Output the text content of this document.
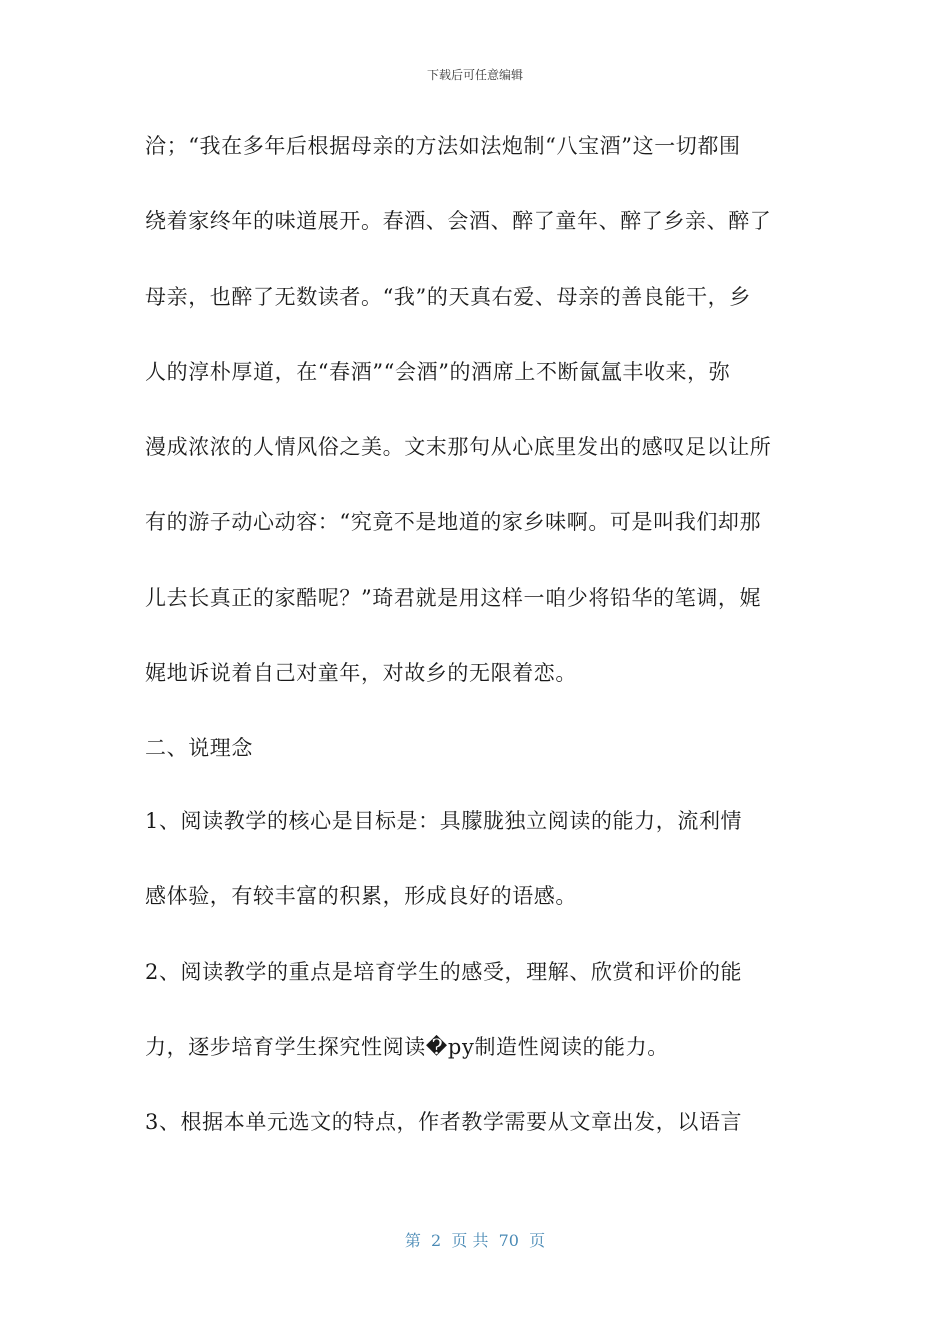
下载后可任意编辑
洽；“我在多年后根据母亲的方法如法炮制“八宝酒”这一切都围
绕着家终年的味道展开。春酒、会酒、醉了童年、醉了乡亲、醉了
母亲，也醉了无数读者。“我”的天真右爱、母亲的善良能干，乡
人的淳朴厚道，在“春酒”“会酒”的酒席上不断氤氲丰收来，弥
漫成浓浓的人情风俗之美。文末那句从心底里发出的感叹足以让所
有的游子动心动容：“究竟不是地道的家乡味啊。可是叫我们却那
儿去长真正的家酷呢？”琦君就是用这样一咱少将铅华的笔调，娓
娓地诉说着自己对童年，对故乡的无限着恋。
二、说理念
1、阅读教学的核心是目标是：具朦胧独立阅读的能力，流利情
感体验，有较丰富的积累，形成良好的语感。
2、阅读教学的重点是培育学生的感受，理解、欣赏和评价的能
力，逐步培育学生探究性阅读�py制造性阅读的能力。
3、根据本单元选文的特点，作者教学需要从文章出发，以语言
第  2  页 共  70  页
